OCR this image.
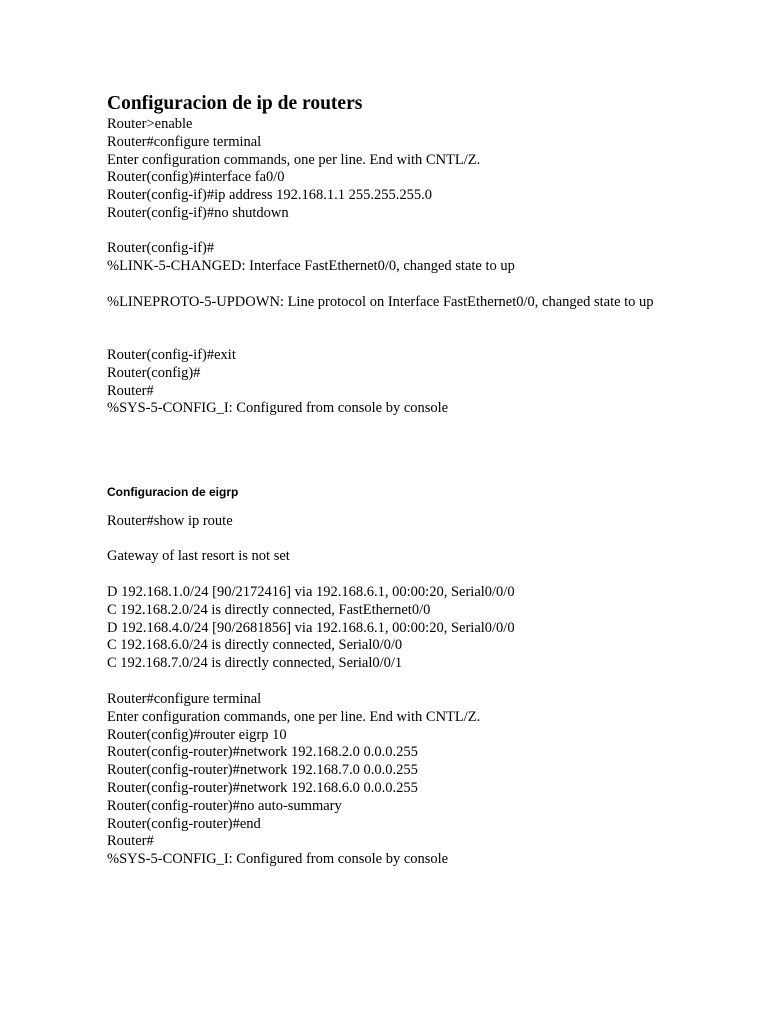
Configuracion de ip de routers
Router>enable
Router#configure terminal
Enter configuration commands, one per line. End with CNTL/Z.
Router(config)#interface fa0/0
Router(config-if)#ip address 192.168.1.1 255.255.255.0
Router(config-if)#no shutdown
Router(config-if)#
%LINK-5-CHANGED: Interface FastEthernet0/0, changed state to up
%LINEPROTO-5-UPDOWN: Line protocol on Interface FastEthernet0/0, changed state to up
Router(config-if)#exit
Router(config)#
Router#
%SYS-5-CONFIG_I: Configured from console by console
Configuracion de eigrp
Router#show ip route
Gateway of last resort is not set
D 192.168.1.0/24 [90/2172416] via 192.168.6.1, 00:00:20, Serial0/0/0
C 192.168.2.0/24 is directly connected, FastEthernet0/0
D 192.168.4.0/24 [90/2681856] via 192.168.6.1, 00:00:20, Serial0/0/0
C 192.168.6.0/24 is directly connected, Serial0/0/0
C 192.168.7.0/24 is directly connected, Serial0/0/1
Router#configure terminal
Enter configuration commands, one per line. End with CNTL/Z.
Router(config)#router eigrp 10
Router(config-router)#network 192.168.2.0 0.0.0.255
Router(config-router)#network 192.168.7.0 0.0.0.255
Router(config-router)#network 192.168.6.0 0.0.0.255
Router(config-router)#no auto-summary
Router(config-router)#end
Router#
%SYS-5-CONFIG_I: Configured from console by console
